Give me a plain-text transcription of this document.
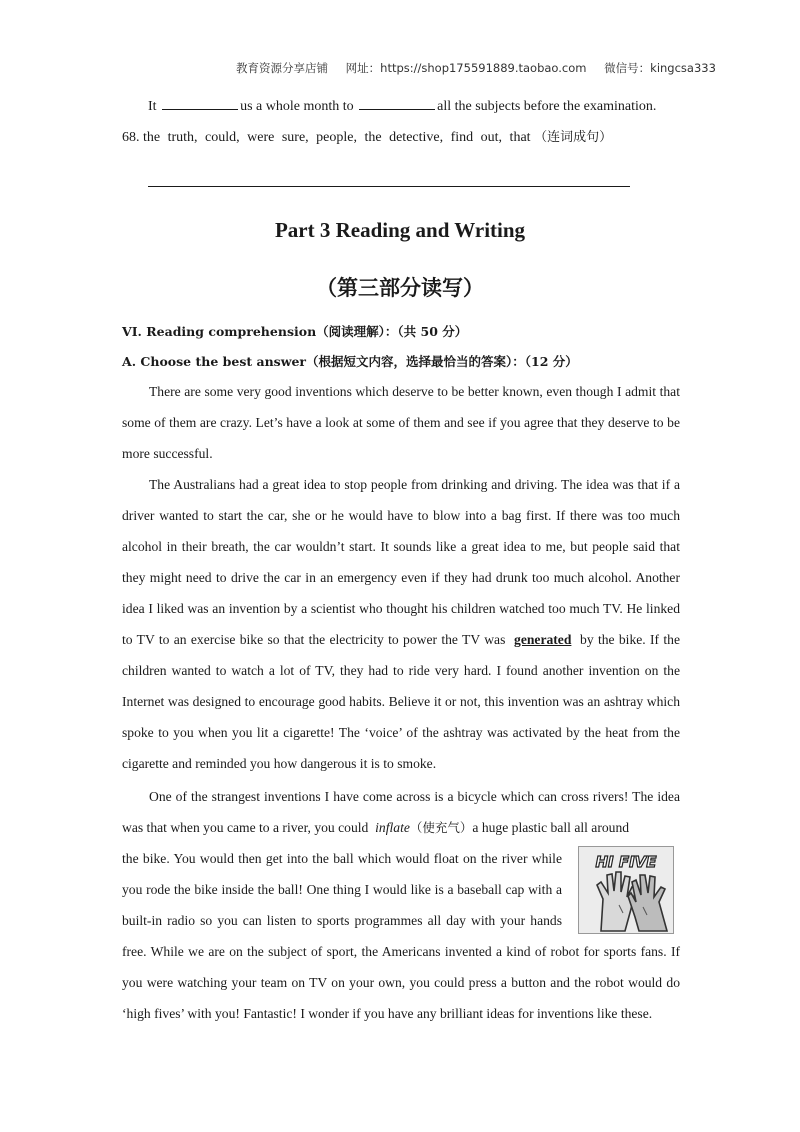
教育资源分享店铺 网址：https://shop175591889.taobao.com 微信号：kingcsa333
It	us a whole month to	all the subjects before the examination.
68. the truth, could, were sure, people, the detective, find out, that （连词成句）
Part 3 Reading and Writing
（第三部分读写）
VI. Reading comprehension（阅读理解）：（共 50 分）
A. Choose the best answer（根据短文内容，选择最恰当的答案）：（12 分）

There are some very good inventions which deserve to be better known, even though I admit that some of them are crazy. Let’s have a look at some of them and see if you agree that they deserve to be more successful.

The Australians had a great idea to stop people from drinking and driving. The idea was that if a driver wanted to start the car, she or he would have to blow into a bag first. If there was too much alcohol in their breath, the car wouldn’t start. It sounds like a great idea to me, but people said that they might need to drive the car in an emergency even if they had drunk too much alcohol. Another idea I liked was an invention by a scientist who thought his children watched too much TV. He linked to TV to an exercise bike so that the electricity to power the TV was generated by the bike. If the children wanted to watch a lot of TV, they had to ride very hard. I found another invention on the Internet was designed to encourage good habits. Believe it or not, this invention was an ashtray which spoke to you when you lit a cigarette! The ‘voice’ of the ashtray was activated by the heat from the cigarette and reminded you how dangerous it is to smoke.

One of the strangest inventions I have come across is a bicycle which can cross rivers! The idea was that when you came to a river, you could inflate（使充气）a huge plastic ball all around

the bike. You would then get into the ball which would float on the river while
you rode the bike inside the ball! One thing I would like is a baseball cap with a
built-in radio so you can listen to sports programmes all day with your hands

free. While we are on the subject of sport, the Americans invented a kind of robot for sports fans. If you were watching your team on TV on your own, you could press a button and the robot would do ‘high fives’ with you! Fantastic! I wonder if you have any brilliant ideas for inventions like these.

HI FIVE
